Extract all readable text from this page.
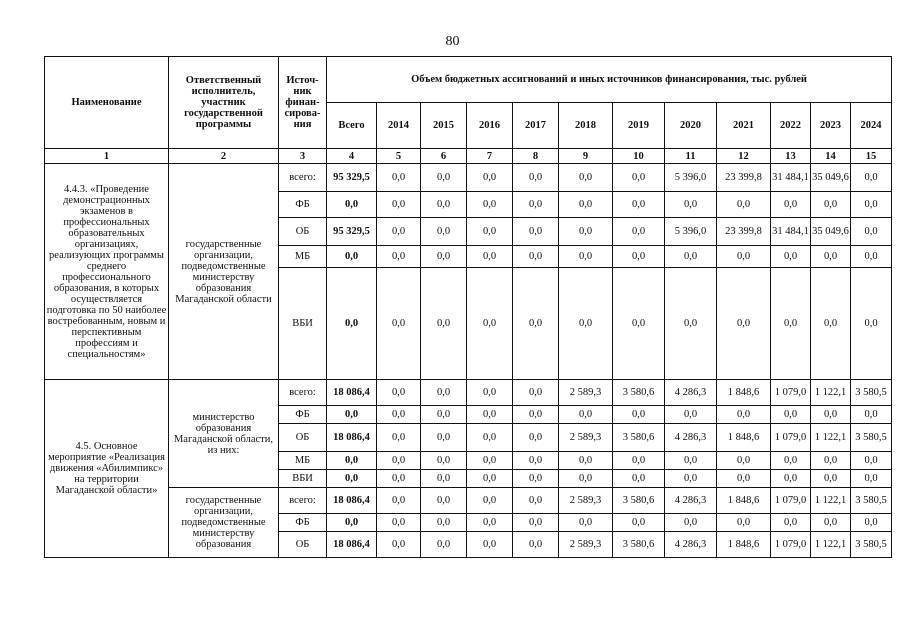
80
Наименование	Ответственный исполнитель, участник государственной программы	Источ-ник финан-сирова-ния	Объем бюджетных ассигнований и иных источников финансирования, тыс. рублей											
			Всего	2014	2015	2016	2017	2018	2019	2020	2021	2022	2023	2024
1	2	3	4	5	6	7	8	9	10	11	12	13	14	15
4.4.3. «Проведение демонстрационных экзаменов в профессиональных образовательных организациях, реализующих программы среднего профессионального образования, в которых осуществляется подготовка по 50 наиболее востребованным, новым и перспективным профессиям и специальностям»	государственные организации, подведомственные министерству образования Магаданской области	всего:	95 329,5	0,0	0,0	0,0	0,0	0,0	0,0	5 396,0	23 399,8	31 484,1	35 049,6	0,0
		ФБ	0,0	0,0	0,0	0,0	0,0	0,0	0,0	0,0	0,0	0,0	0,0	0,0
		ОБ	95 329,5	0,0	0,0	0,0	0,0	0,0	0,0	5 396,0	23 399,8	31 484,1	35 049,6	0,0
		МБ	0,0	0,0	0,0	0,0	0,0	0,0	0,0	0,0	0,0	0,0	0,0	0,0
		ВБИ	0,0	0,0	0,0	0,0	0,0	0,0	0,0	0,0	0,0	0,0	0,0	0,0
4.5. Основное мероприятие «Реализация движения «Абилимпикс» на территории Магаданской области»	министерство образования Магаданской области, из них:	всего:	18 086,4	0,0	0,0	0,0	0,0	2 589,3	3 580,6	4 286,3	1 848,6	1 079,0	1 122,1	3 580,5
		ФБ	0,0	0,0	0,0	0,0	0,0	0,0	0,0	0,0	0,0	0,0	0,0	0,0
		ОБ	18 086,4	0,0	0,0	0,0	0,0	2 589,3	3 580,6	4 286,3	1 848,6	1 079,0	1 122,1	3 580,5
		МБ	0,0	0,0	0,0	0,0	0,0	0,0	0,0	0,0	0,0	0,0	0,0	0,0
		ВБИ	0,0	0,0	0,0	0,0	0,0	0,0	0,0	0,0	0,0	0,0	0,0	0,0
	государственные организации, подведомственные министерству образования	всего:	18 086,4	0,0	0,0	0,0	0,0	2 589,3	3 580,6	4 286,3	1 848,6	1 079,0	1 122,1	3 580,5
		ФБ	0,0	0,0	0,0	0,0	0,0	0,0	0,0	0,0	0,0	0,0	0,0	0,0
		ОБ	18 086,4	0,0	0,0	0,0	0,0	2 589,3	3 580,6	4 286,3	1 848,6	1 079,0	1 122,1	3 580,5
